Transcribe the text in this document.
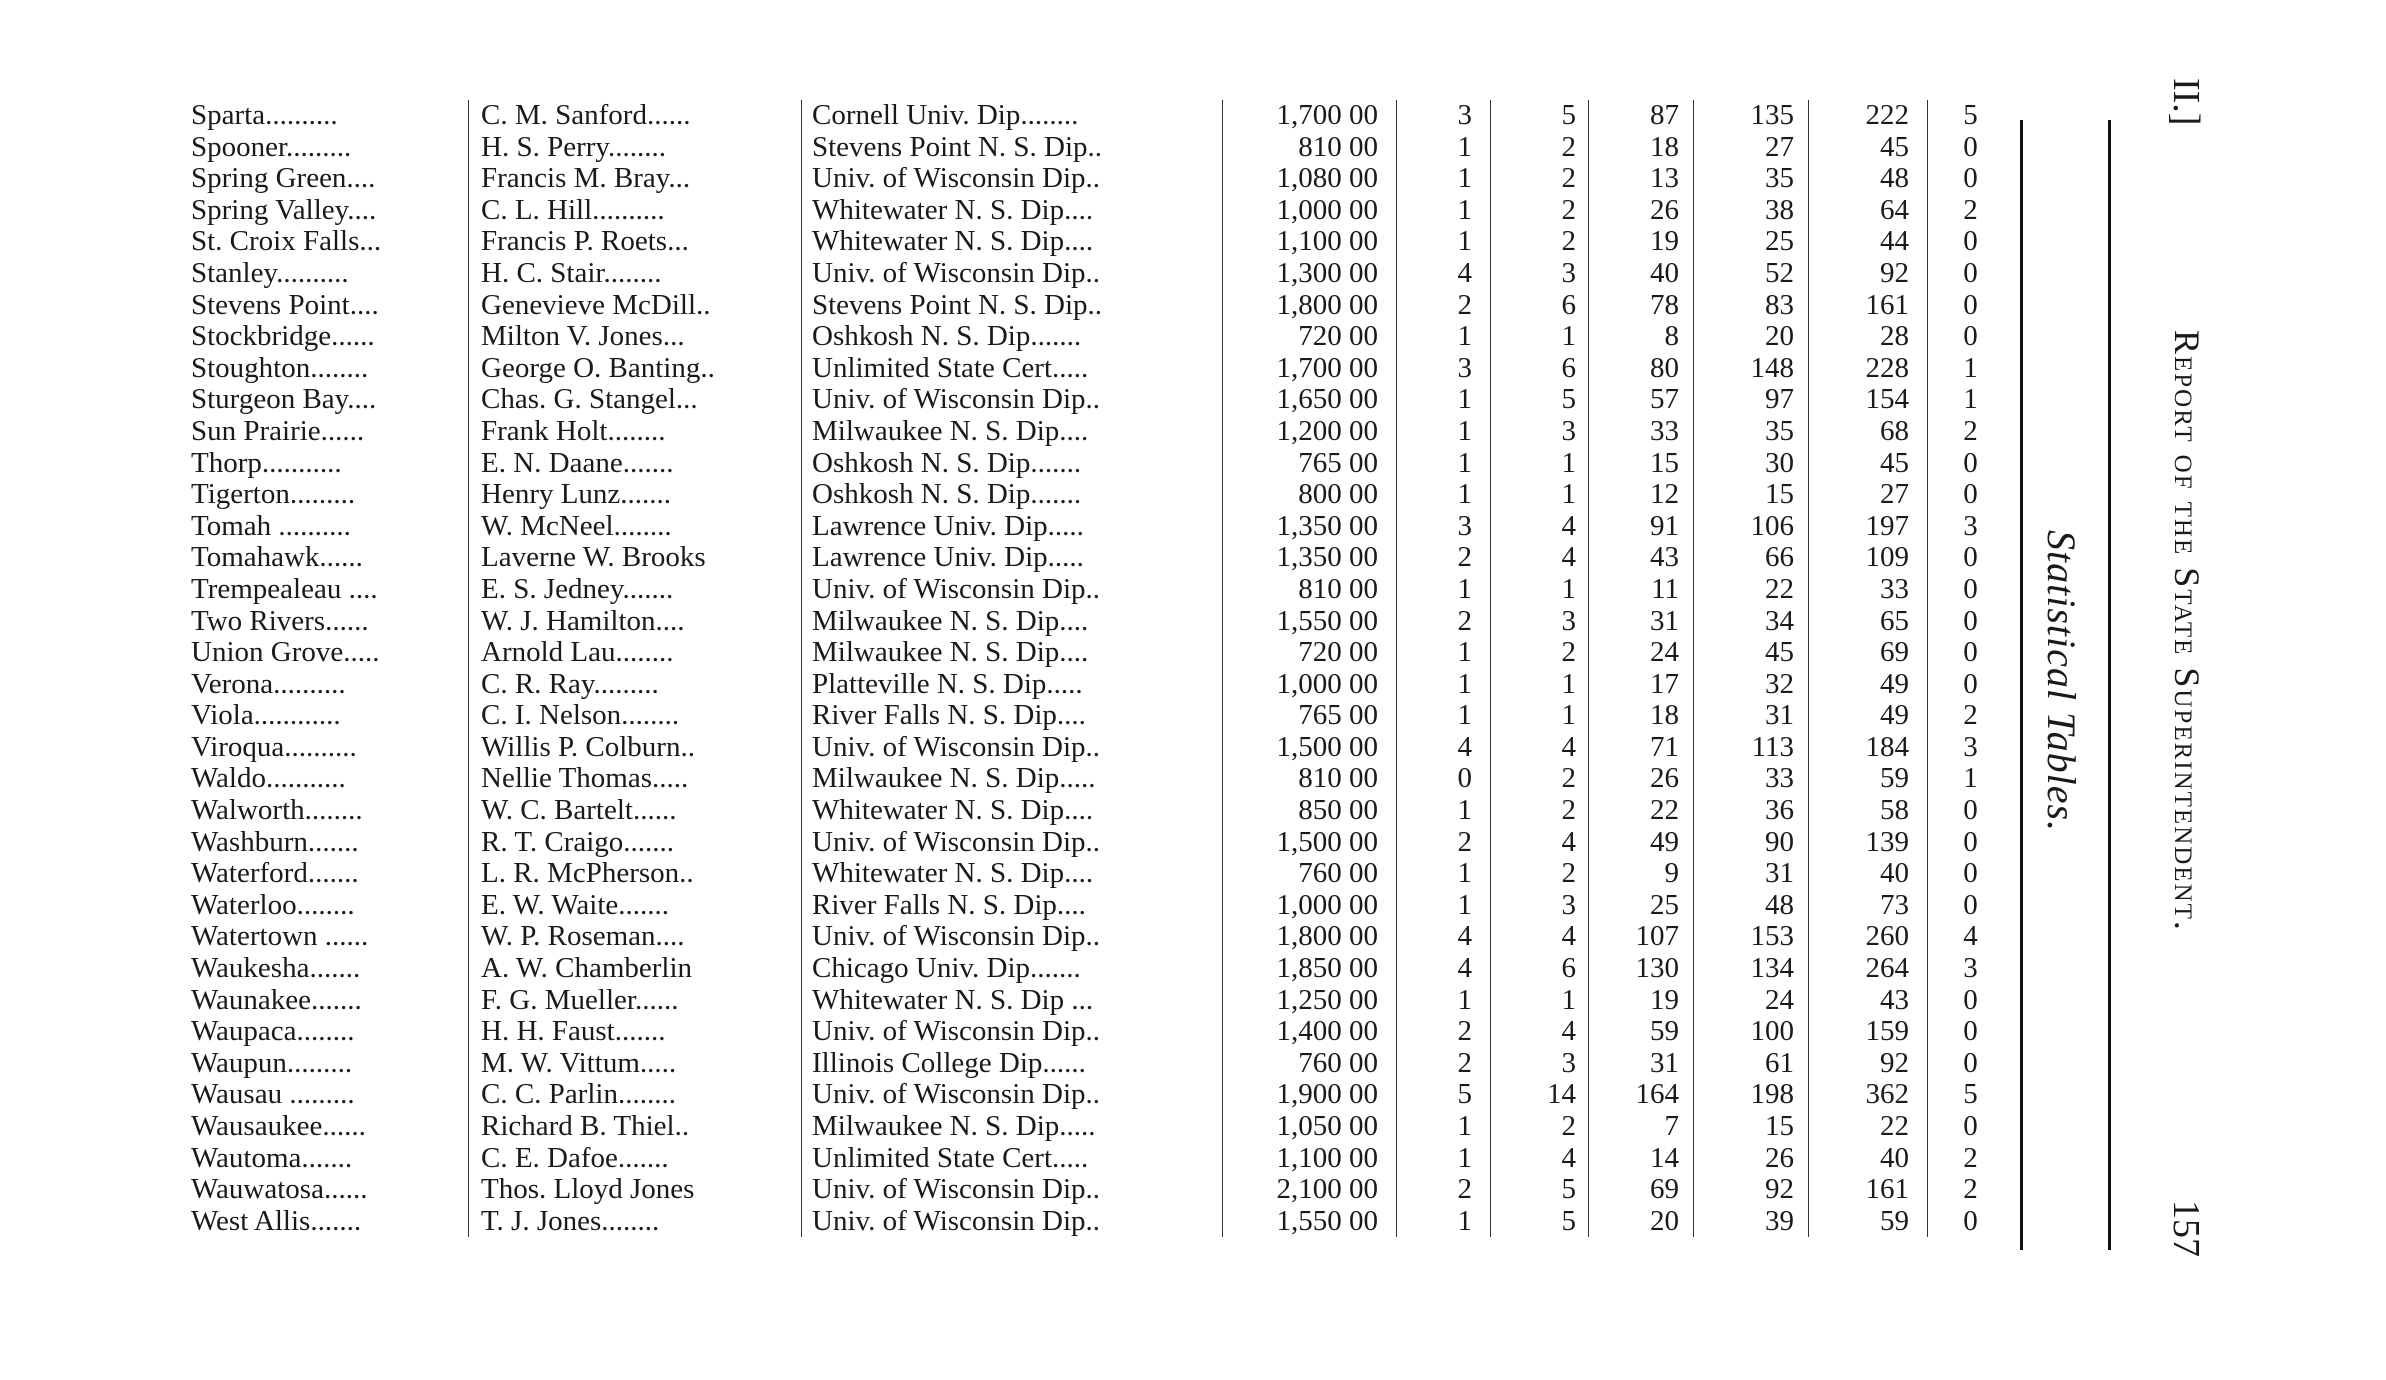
Sparta..........	C. M. Sanford......	Cornell Univ. Dip........	1,700 00	3	5	87	135	222	5
Spooner.........	H. S. Perry........	Stevens Point N. S. Dip..	810 00	1	2	18	27	45	0
Spring Green....	Francis M. Bray...	Univ. of Wisconsin Dip..	1,080 00	1	2	13	35	48	0
Spring Valley....	C. L. Hill..........	Whitewater N. S. Dip....	1,000 00	1	2	26	38	64	2
St. Croix Falls...	Francis P. Roets...	Whitewater N. S. Dip....	1,100 00	1	2	19	25	44	0
Stanley..........	H. C. Stair........	Univ. of Wisconsin Dip..	1,300 00	4	3	40	52	92	0
Stevens Point....	Genevieve McDill..	Stevens Point N. S. Dip..	1,800 00	2	6	78	83	161	0
Stockbridge......	Milton V. Jones...	Oshkosh N. S. Dip.......	720 00	1	1	8	20	28	0
Stoughton........	George O. Banting..	Unlimited State Cert.....	1,700 00	3	6	80	148	228	1
Sturgeon Bay....	Chas. G. Stangel...	Univ. of Wisconsin Dip..	1,650 00	1	5	57	97	154	1
Sun Prairie......	Frank Holt........	Milwaukee N. S. Dip....	1,200 00	1	3	33	35	68	2
Thorp...........	E. N. Daane.......	Oshkosh N. S. Dip.......	765 00	1	1	15	30	45	0
Tigerton.........	Henry Lunz.......	Oshkosh N. S. Dip.......	800 00	1	1	12	15	27	0
Tomah ..........	W. McNeel........	Lawrence Univ. Dip.....	1,350 00	3	4	91	106	197	3
Tomahawk......	Laverne W. Brooks	Lawrence Univ. Dip.....	1,350 00	2	4	43	66	109	0
Trempealeau ....	E. S. Jedney.......	Univ. of Wisconsin Dip..	810 00	1	1	11	22	33	0
Two Rivers......	W. J. Hamilton....	Milwaukee N. S. Dip....	1,550 00	2	3	31	34	65	0
Union Grove.....	Arnold Lau........	Milwaukee N. S. Dip....	720 00	1	2	24	45	69	0
Verona..........	C. R. Ray.........	Platteville N. S. Dip.....	1,000 00	1	1	17	32	49	0
Viola............	C. I. Nelson........	River Falls N. S. Dip....	765 00	1	1	18	31	49	2
Viroqua..........	Willis P. Colburn..	Univ. of Wisconsin Dip..	1,500 00	4	4	71	113	184	3
Waldo...........	Nellie Thomas.....	Milwaukee N. S. Dip.....	810 00	0	2	26	33	59	1
Walworth........	W. C. Bartelt......	Whitewater N. S. Dip....	850 00	1	2	22	36	58	0
Washburn.......	R. T. Craigo.......	Univ. of Wisconsin Dip..	1,500 00	2	4	49	90	139	0
Waterford.......	L. R. McPherson..	Whitewater N. S. Dip....	760 00	1	2	9	31	40	0
Waterloo........	E. W. Waite.......	River Falls N. S. Dip....	1,000 00	1	3	25	48	73	0
Watertown ......	W. P. Roseman....	Univ. of Wisconsin Dip..	1,800 00	4	4	107	153	260	4
Waukesha.......	A. W. Chamberlin	Chicago Univ. Dip.......	1,850 00	4	6	130	134	264	3
Waunakee.......	F. G. Mueller......	Whitewater N. S. Dip ...	1,250 00	1	1	19	24	43	0
Waupaca........	H. H. Faust.......	Univ. of Wisconsin Dip..	1,400 00	2	4	59	100	159	0
Waupun.........	M. W. Vittum.....	Illinois College Dip......	760 00	2	3	31	61	92	0
Wausau .........	C. C. Parlin........	Univ. of Wisconsin Dip..	1,900 00	5	14	164	198	362	5
Wausaukee......	Richard B. Thiel..	Milwaukee N. S. Dip.....	1,050 00	1	2	7	15	22	0
Wautoma.......	C. E. Dafoe.......	Unlimited State Cert.....	1,100 00	1	4	14	26	40	2
Wauwatosa......	Thos. Lloyd Jones	Univ. of Wisconsin Dip..	2,100 00	2	5	69	92	161	2
West Allis.......	T. J. Jones........	Univ. of Wisconsin Dip..	1,550 00	1	5	20	39	59	0
Statistical Tables.
II.]
Report of the State Superintendent.
157
